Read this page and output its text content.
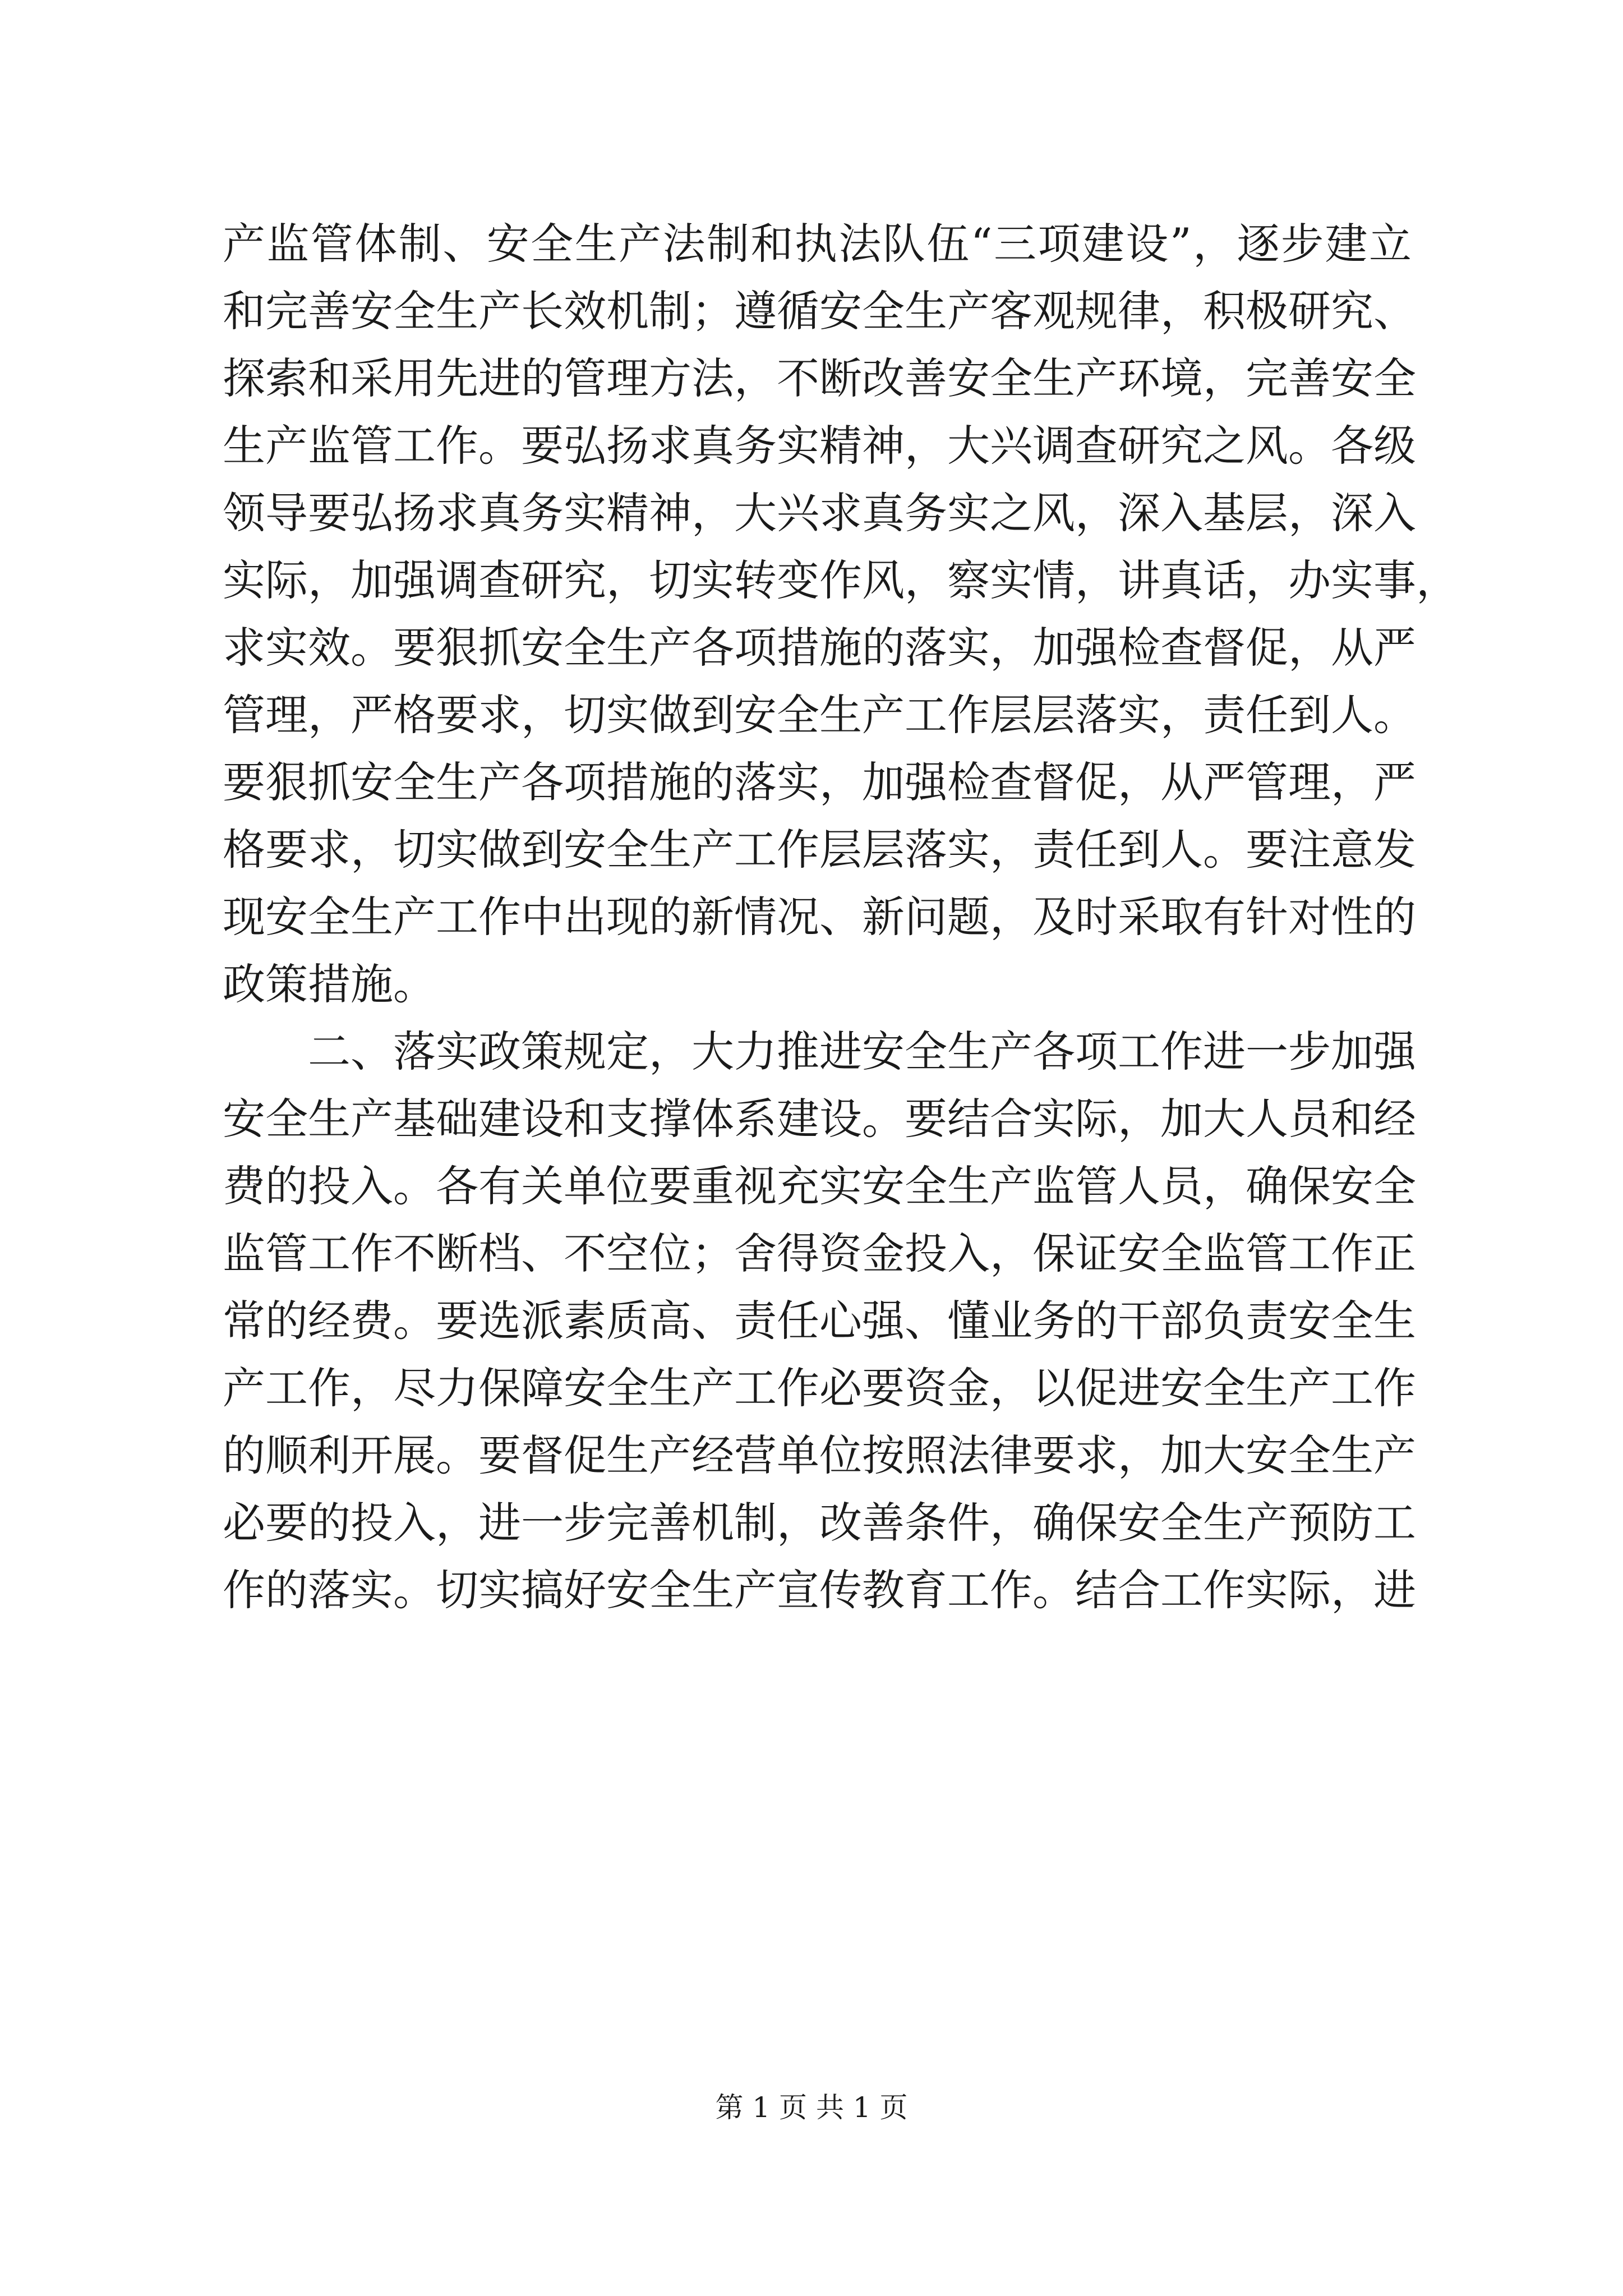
产监管体制、安全生产法制和执法队伍“三项建设”，逐步建立
和完善安全生产长效机制；遵循安全生产客观规律，积极研究、
探索和采用先进的管理方法，不断改善安全生产环境，完善安全
生产监管工作。要弘扬求真务实精神，大兴调查研究之风。各级
领导要弘扬求真务实精神，大兴求真务实之风，深入基层，深入
实际，加强调查研究，切实转变作风，察实情，讲真话，办实事，
求实效。要狠抓安全生产各项措施的落实，加强检查督促，从严
管理，严格要求，切实做到安全生产工作层层落实，责任到人。
要狠抓安全生产各项措施的落实，加强检查督促，从严管理，严
格要求，切实做到安全生产工作层层落实，责任到人。要注意发
现安全生产工作中出现的新情况、新问题，及时采取有针对性的
政策措施。
二、落实政策规定，大力推进安全生产各项工作进一步加强
安全生产基础建设和支撑体系建设。要结合实际，加大人员和经
费的投入。各有关单位要重视充实安全生产监管人员，确保安全
监管工作不断档、不空位；舍得资金投入，保证安全监管工作正
常的经费。要选派素质高、责任心强、懂业务的干部负责安全生
产工作，尽力保障安全生产工作必要资金，以促进安全生产工作
的顺利开展。要督促生产经营单位按照法律要求，加大安全生产
必要的投入，进一步完善机制，改善条件，确保安全生产预防工
作的落实。切实搞好安全生产宣传教育工作。结合工作实际，进
第 1 页 共 1 页
